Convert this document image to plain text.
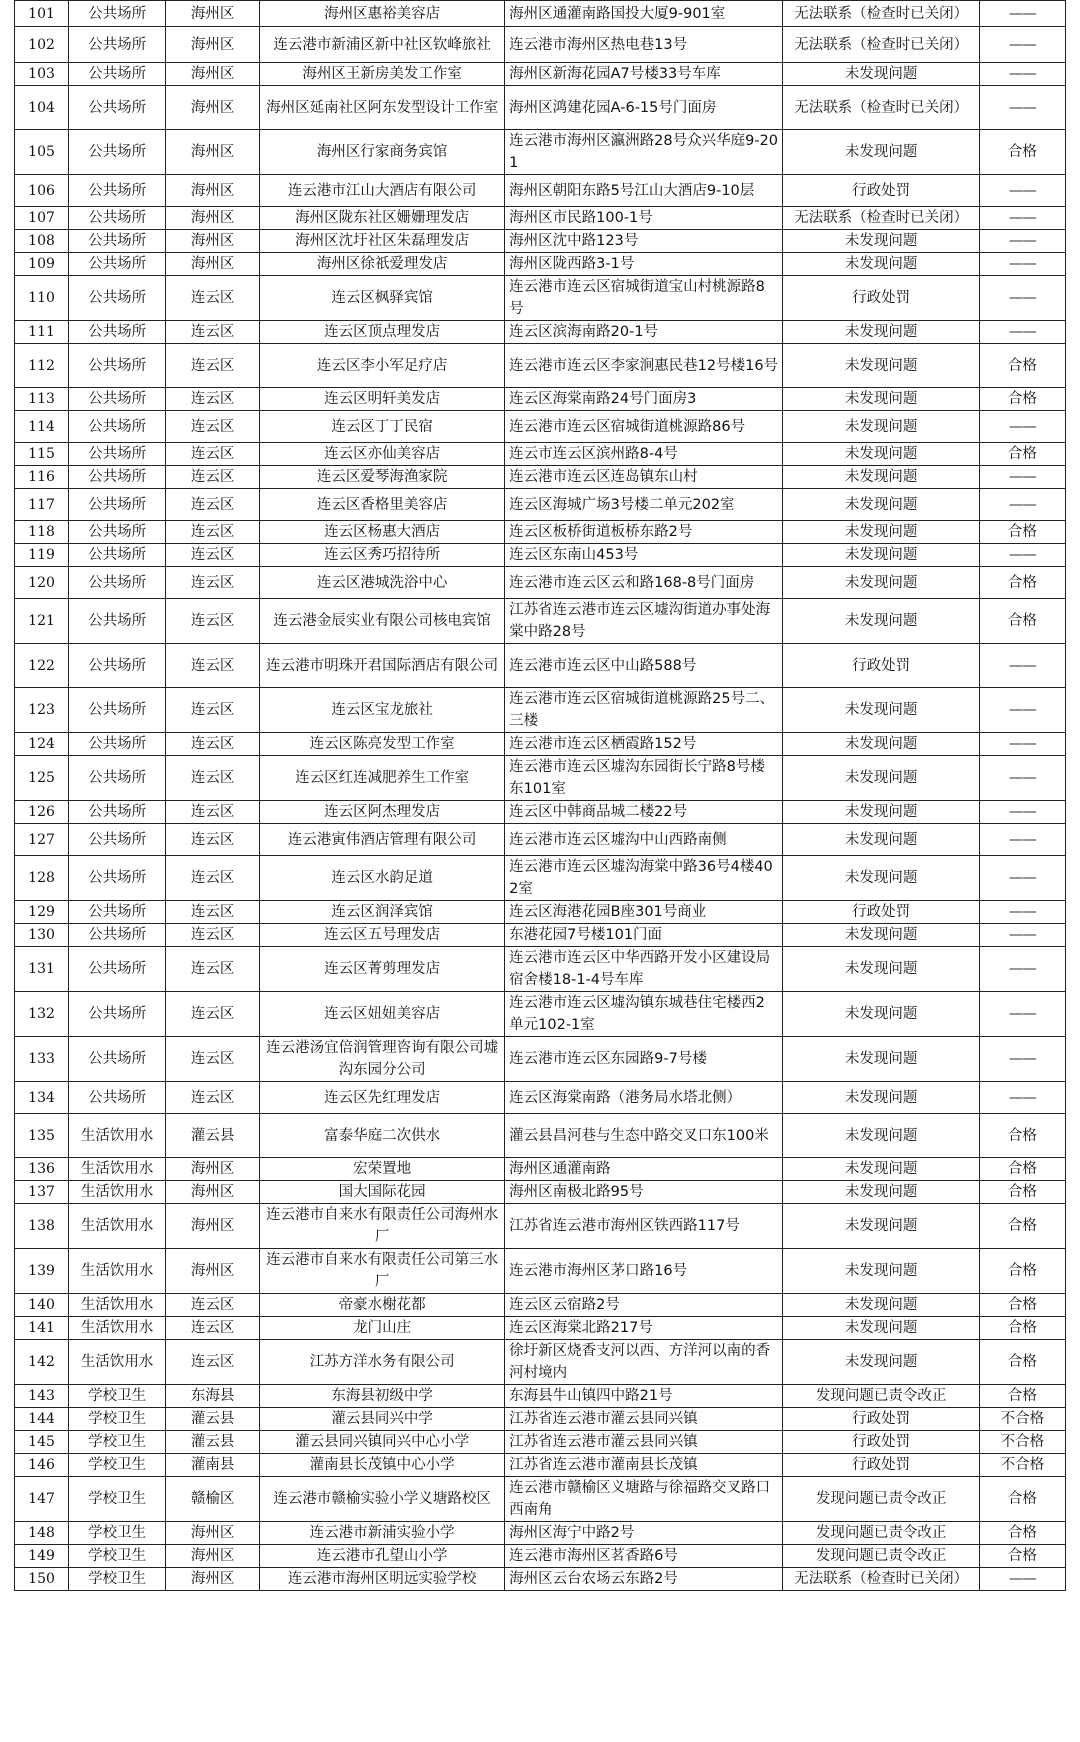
101	公共场所	海州区	海州区惠裕美容店	海州区通灌南路国投大厦9-901室	无法联系（检查时已关闭）	——
102	公共场所	海州区	连云港市新浦区新中社区钦峰旅社	连云港市海州区热电巷13号	无法联系（检查时已关闭）	——
103	公共场所	海州区	海州区王新房美发工作室	海州区新海花园A7号楼33号车库	未发现问题	——
104	公共场所	海州区	海州区延南社区阿东发型设计工作室	海州区鸿建花园A-6-15号门面房	无法联系（检查时已关闭）	——
105	公共场所	海州区	海州区行家商务宾馆	连云港市海州区瀛洲路28号众兴华庭9-201	未发现问题	合格
106	公共场所	海州区	连云港市江山大酒店有限公司	海州区朝阳东路5号江山大酒店9-10层	行政处罚	——
107	公共场所	海州区	海州区陇东社区姗姗理发店	海州区市民路100-1号	无法联系（检查时已关闭）	——
108	公共场所	海州区	海州区沈圩社区朱磊理发店	海州区沈中路123号	未发现问题	——
109	公共场所	海州区	海州区徐祇爱理发店	海州区陇西路3-1号	未发现问题	——
110	公共场所	连云区	连云区枫驿宾馆	连云港市连云区宿城街道宝山村桃源路8号	行政处罚	——
111	公共场所	连云区	连云区顶点理发店	连云区滨海南路20-1号	未发现问题	——
112	公共场所	连云区	连云区李小军足疗店	连云港市连云区李家涧惠民巷12号楼16号	未发现问题	合格
113	公共场所	连云区	连云区明轩美发店	连云区海棠南路24号门面房3	未发现问题	合格
114	公共场所	连云区	连云区丁丁民宿	连云港市连云区宿城街道桃源路86号	未发现问题	——
115	公共场所	连云区	连云区亦仙美容店	连云市连云区滨州路8-4号	未发现问题	合格
116	公共场所	连云区	连云区爱琴海渔家院	连云港市连云区连岛镇东山村	未发现问题	——
117	公共场所	连云区	连云区香格里美容店	连云区海城广场3号楼二单元202室	未发现问题	——
118	公共场所	连云区	连云区杨惠大酒店	连云区板桥街道板桥东路2号	未发现问题	合格
119	公共场所	连云区	连云区秀巧招待所	连云区东南山453号	未发现问题	——
120	公共场所	连云区	连云区港城洗浴中心	连云港市连云区云和路168-8号门面房	未发现问题	合格
121	公共场所	连云区	连云港金辰实业有限公司核电宾馆	江苏省连云港市连云区墟沟街道办事处海棠中路28号	未发现问题	合格
122	公共场所	连云区	连云港市明珠开君国际酒店有限公司	连云港市连云区中山路588号	行政处罚	——
123	公共场所	连云区	连云区宝龙旅社	连云港市连云区宿城街道桃源路25号二、三楼	未发现问题	——
124	公共场所	连云区	连云区陈亮发型工作室	连云港市连云区栖霞路152号	未发现问题	——
125	公共场所	连云区	连云区红连减肥养生工作室	连云港市连云区墟沟东园街长宁路8号楼东101室	未发现问题	——
126	公共场所	连云区	连云区阿杰理发店	连云区中韩商品城二楼22号	未发现问题	——
127	公共场所	连云区	连云港寅伟酒店管理有限公司	连云港市连云区墟沟中山西路南侧	未发现问题	——
128	公共场所	连云区	连云区水韵足道	连云港市连云区墟沟海棠中路36号4楼402室	未发现问题	——
129	公共场所	连云区	连云区润泽宾馆	连云区海港花园B座301号商业	行政处罚	——
130	公共场所	连云区	连云区五号理发店	东港花园7号楼101门面	未发现问题	——
131	公共场所	连云区	连云区菁剪理发店	连云港市连云区中华西路开发小区建设局宿舍楼18-1-4号车库	未发现问题	——
132	公共场所	连云区	连云区妞妞美容店	连云港市连云区墟沟镇东城巷住宅楼西2单元102-1室	未发现问题	——
133	公共场所	连云区	连云港汤宜倍润管理咨询有限公司墟沟东园分公司	连云港市连云区东园路9-7号楼	未发现问题	——
134	公共场所	连云区	连云区先红理发店	连云区海棠南路（港务局水塔北侧）	未发现问题	——
135	生活饮用水	灌云县	富泰华庭二次供水	灌云县昌河巷与生态中路交叉口东100米	未发现问题	合格
136	生活饮用水	海州区	宏荣置地	海州区通灌南路	未发现问题	合格
137	生活饮用水	海州区	国大国际花园	海州区南极北路95号	未发现问题	合格
138	生活饮用水	海州区	连云港市自来水有限责任公司海州水厂	江苏省连云港市海州区铁西路117号	未发现问题	合格
139	生活饮用水	海州区	连云港市自来水有限责任公司第三水厂	连云港市海州区茅口路16号	未发现问题	合格
140	生活饮用水	连云区	帝豪水榭花都	连云区云宿路2号	未发现问题	合格
141	生活饮用水	连云区	龙门山庄	连云区海棠北路217号	未发现问题	合格
142	生活饮用水	连云区	江苏方洋水务有限公司	徐圩新区烧香支河以西、方洋河以南的香河村境内	未发现问题	合格
143	学校卫生	东海县	东海县初级中学	东海县牛山镇四中路21号	发现问题已责令改正	合格
144	学校卫生	灌云县	灌云县同兴中学	江苏省连云港市灌云县同兴镇	行政处罚	不合格
145	学校卫生	灌云县	灌云县同兴镇同兴中心小学	江苏省连云港市灌云县同兴镇	行政处罚	不合格
146	学校卫生	灌南县	灌南县长茂镇中心小学	江苏省连云港市灌南县长茂镇	行政处罚	不合格
147	学校卫生	赣榆区	连云港市赣榆实验小学义塘路校区	连云港市赣榆区义塘路与徐福路交叉路口西南角	发现问题已责令改正	合格
148	学校卫生	海州区	连云港市新浦实验小学	海州区海宁中路2号	发现问题已责令改正	合格
149	学校卫生	海州区	连云港市孔望山小学	连云港市海州区茗香路6号	发现问题已责令改正	合格
150	学校卫生	海州区	连云港市海州区明远实验学校	海州区云台农场云东路2号	无法联系（检查时已关闭）	——
